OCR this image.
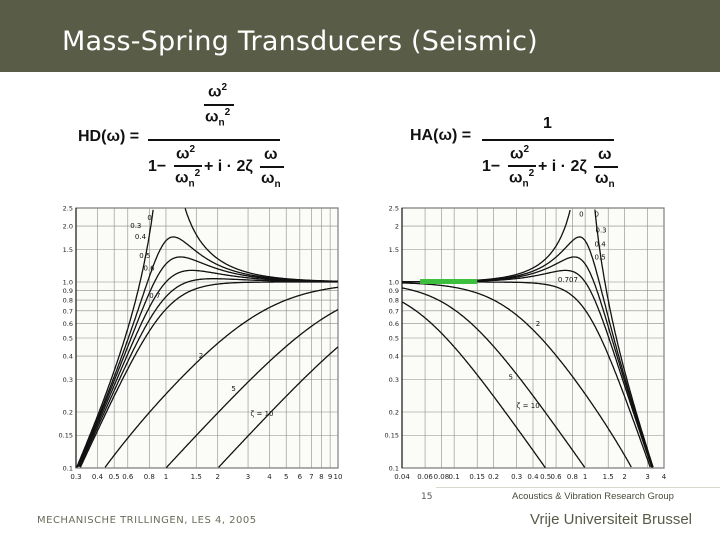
Mass-Spring Transducers (Seismic)
$\omega^2$
$\omega_n^2$
HD(ω) =
1−
$\omega^2$
$\omega_n^2 + i \cdot 2\zeta$
ω
$\omega_n$
HA(ω) =
1
1−
$\omega^2$
$\omega_n^2 + i \cdot 2\zeta$
ω
$\omega_n$
0.3 0.4 0.5 0.6 0.8 1	1.5 2	3 4 5 6 7 8 9 10
0.1
0.15
0.2
0.3
0.4
0.5
0.6
0.7
0.8
0.9
1.0
1.5
2.0
2.5
0
0.3
0.4
0.5
0.6
0.7
2
5
ζ = 10
0.04 0.06 0.08 0.1 0.15 0.2 0.3 0.4 0.5 0.6 0.8 1 1.5 2	3 4
0.1
0.15
0.2
0.3
0.4
0.5
0.6
0.7
0.8
0.9
1.0
1.5
2
2.5
0 0
0.3
0.4
0.5
0.707
2
5
ζ = 10
15	Acoustics & Vibration Research Group
MECHANISCHE TRILLINGEN, LES 4, 2005	Vrije Universiteit Brussel
